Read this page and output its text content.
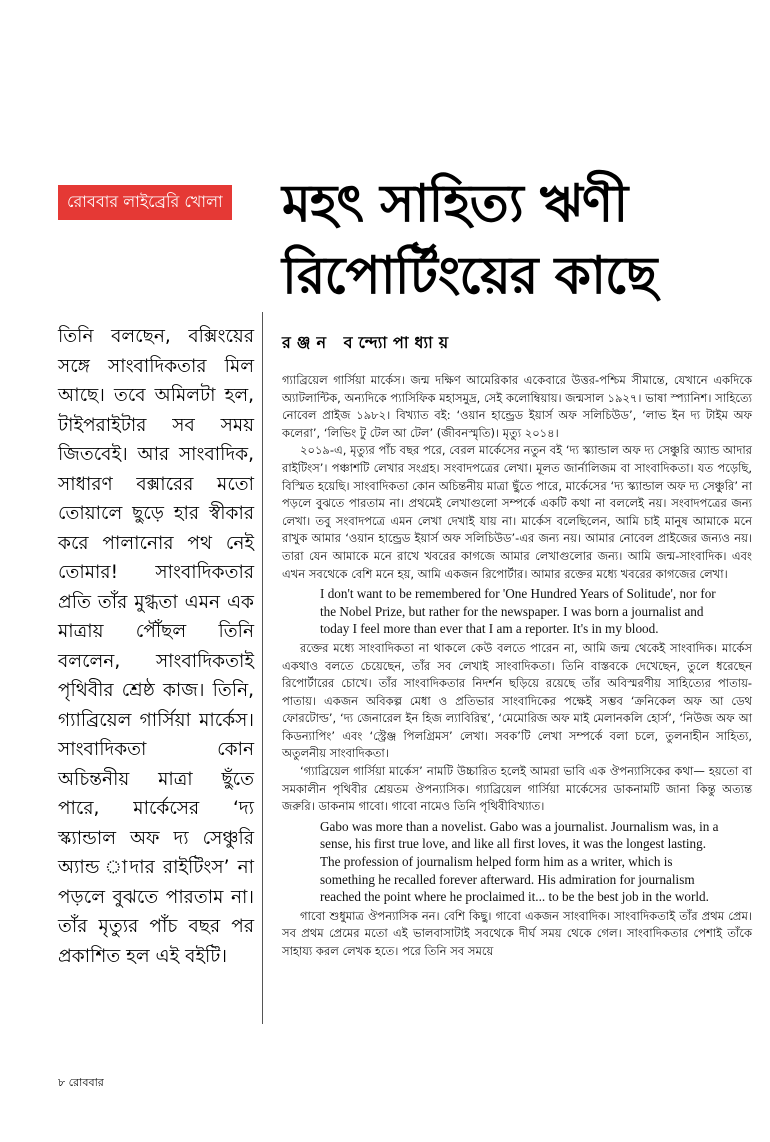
রোববার লাইব্রেরি খোলা মহৎ সাহিত্য ঋণী
রিপোর্টিংয়ের কাছে
তিনি বলছেন, বক্সিংয়ের সঙ্গে সাংবাদিকতার মিল আছে। তবে অমিলটা হল, টাইপরাইটার সব সময় জিতবেই। আর সাংবাদিক, সাধারণ বক্সারের মতো তোয়ালে ছুড়ে হার স্বীকার করে পালানোর পথ নেই তোমার! সাংবাদিকতার প্রতি তাঁর মুগ্ধতা এমন এক মাত্রায় পৌঁছল তিনি বললেন, সাংবাদিকতাই পৃথিবীর শ্রেষ্ঠ কাজ। তিনি, গ্যাব্রিয়েল গার্সিয়া মার্কেস। সাংবাদিকতা কোন অচিন্তনীয় মাত্রা ছুঁতে পারে, মার্কেসের ‘দ্য স্ক্যান্ডাল অফ দ্য সেঞ্চুরি অ্যান্ড াদার রাইটিংস’ না পড়লে বুঝতে পারতাম না। তাঁর মৃত্যুর পাঁচ বছর পর প্রকাশিত হল এই বইটি।
রঞ্জন বন্দ্যোপাধ্যায়

গ্যাব্রিয়েল গার্সিয়া মার্কেস। জন্ম দক্ষিণ আমেরিকার একেবারে উত্তর-পশ্চিম সীমান্তে, যেখানে একদিকে অ্যাটলান্টিক, অন্যদিকে প্যাসিফিক মহাসমুদ্র, সেই কলোম্বিয়ায়। জন্মসাল ১৯২৭। ভাষা স্প্যানিশ। সাহিত্যে নোবেল প্রাইজ ১৯৮২। বিখ্যাত বই: ‘ওয়ান হান্ড্রেড ইয়ার্স অফ সলিচিউড’, ‘লাভ ইন দ্য টাইম অফ কলেরা’, ‘লিভিং টু টেল আ টেল’ (জীবনস্মৃতি)। মৃত্যু ২০১৪।

২০১৯-এ, মৃত্যুর পাঁচ বছর পরে, বেরল মার্কেসের নতুন বই ‘দ্য স্ক্যান্ডাল অফ দ্য সেঞ্চুরি অ্যান্ড আদার রাইটিংস’। পঞ্চাশটি লেখার সংগ্রহ। সংবাদপত্রের লেখা। মূলত জার্নালিজম বা সাংবাদিকতা। যত পড়েছি, বিস্মিত হয়েছি। সাংবাদিকতা কোন অচিন্তনীয় মাত্রা ছুঁতে পারে, মার্কেসের ‘দ্য স্ক্যান্ডাল অফ দ্য সেঞ্চুরি’ না পড়লে বুঝতে পারতাম না। প্রথমেই লেখাগুলো সম্পর্কে একটি কথা না বললেই নয়। সংবাদপত্রের জন্য লেখা। তবু সংবাদপত্রে এমন লেখা দেখাই যায় না। মার্কেস বলেছিলেন, আমি চাই মানুষ আমাকে মনে রাখুক আমার ‘ওয়ান হান্ড্রেড ইয়ার্স অফ সলিচিউড’-এর জন্য নয়। আমার নোবেল প্রাইজের জন্যও নয়। তারা যেন আমাকে মনে রাখে খবরের কাগজে আমার লেখাগুলোর জন্য। আমি জন্ম-সাংবাদিক। এবং এখন সবথেকে বেশি মনে হয়, আমি একজন রিপোর্টার। আমার রক্তের মধ্যে খবরের কাগজের লেখা।

I don't want to be remembered for 'One Hundred Years of Solitude', nor for the Nobel Prize, but rather for the newspaper. I was born a journalist and today I feel more than ever that I am a reporter. It's in my blood.

রক্তের মধ্যে সাংবাদিকতা না থাকলে কেউ বলতে পারেন না, আমি জন্ম থেকেই সাংবাদিক। মার্কেস একথাও বলতে চেয়েছেন, তাঁর সব লেখাই সাংবাদিকতা। তিনি বাস্তবকে দেখেছেন, তুলে ধরেছেন রিপোর্টারের চোখে। তাঁর সাংবাদিকতার নিদর্শন ছড়িয়ে রয়েছে তাঁর অবিস্মরণীয় সাহিত্যের পাতায়-পাতায়। একজন অবিকল্প মেধা ও প্রতিভার সাংবাদিকের পক্ষেই সম্ভব ‘ক্রনিকেল অফ আ ডেথ ফোরটোল্ড’, ‘দ্য জেনারেল ইন হিজ ল্যাবিরিন্থ’, ‘মেমোরিজ অফ মাই মেলানকলি হোর্স’, ‘নিউজ অফ আ কিডন্যাপিং’ এবং ‘স্ট্রেঞ্জ পিলগ্রিমস’ লেখা। সবক’টি লেখা সম্পর্কে বলা চলে, তুলনাহীন সাহিত্য, অতুলনীয় সাংবাদিকতা।

‘গ্যাব্রিয়েল গার্সিয়া মার্কেস’ নামটি উচ্চারিত হলেই আমরা ভাবি এক ঔপন্যাসিকের কথা— হয়তো বা সমকালীন পৃথিবীর শ্রেয়তম ঔপন্যাসিক। গ্যাব্রিয়েল গার্সিয়া মার্কেসের ডাকনামটি জানা কিন্তু অত্যন্ত জরুরি। ডাকনাম গাবো। গাবো নামেও তিনি পৃথিবীবিখ্যাত।

Gabo was more than a novelist. Gabo was a journalist. Journalism was, in a sense, his first true love, and like all first loves, it was the longest lasting. The profession of journalism helped form him as a writer, which is something he recalled forever afterward. His admiration for journalism reached the point where he proclaimed it... to be the best job in the world.

গাবো শুধুমাত্র ঔপন্যাসিক নন। বেশি কিছু। গাবো একজন সাংবাদিক। সাংবাদিকতাই তাঁর প্রথম প্রেম। সব প্রথম প্রেমের মতো এই ভালবাসাটাই সবথেকে দীর্ঘ সময় থেকে গেল। সাংবাদিকতার পেশাই তাঁকে সাহায্য করল লেখক হতে। পরে তিনি সব সময়ে

৮ রোববার
